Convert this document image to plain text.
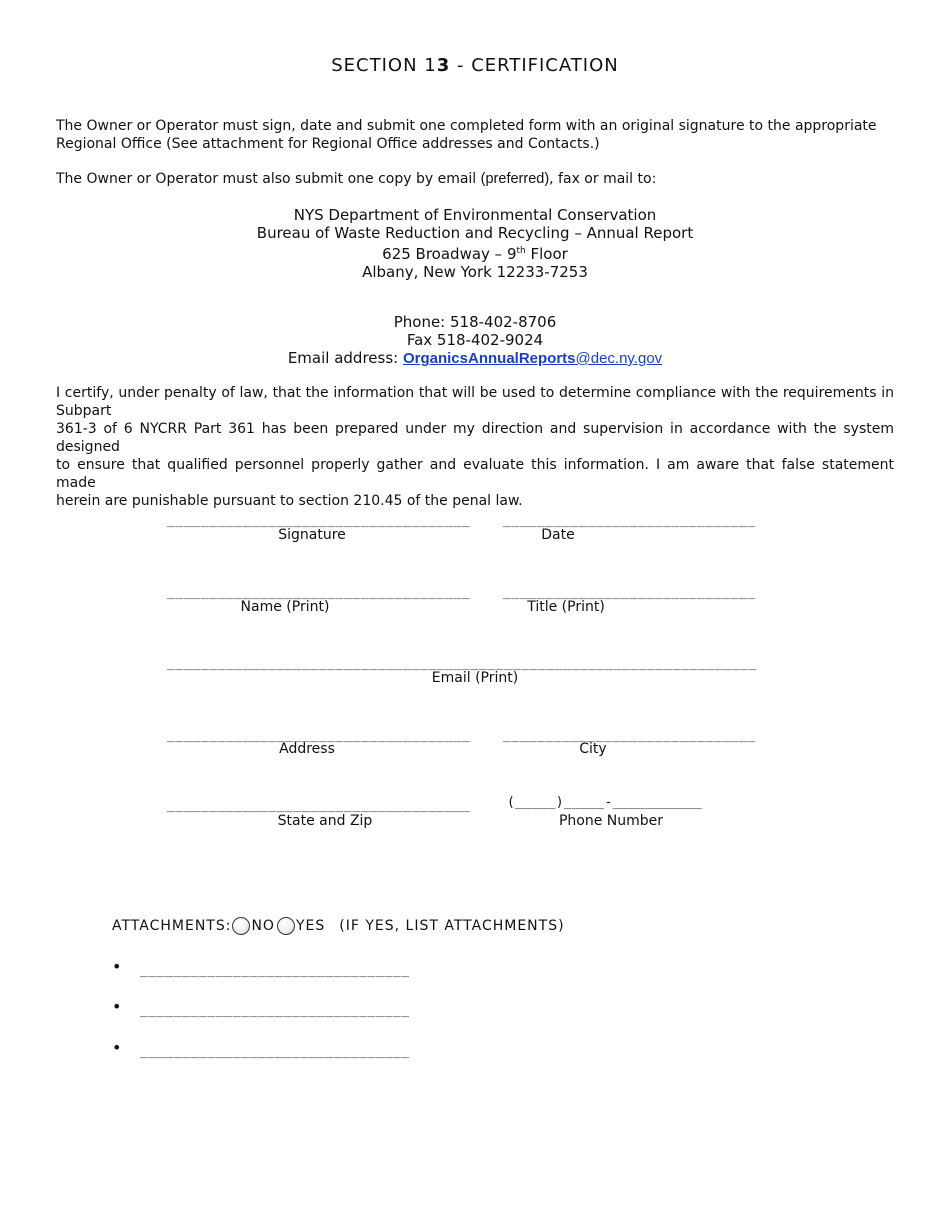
SECTION 13 - CERTIFICATION
The Owner or Operator must sign, date and submit one completed form with an original signature to the appropriate
Regional Office (See attachment for Regional Office addresses and Contacts.)
The Owner or Operator must also submit one copy by email (preferred), fax or mail to:
NYS Department of Environmental Conservation
Bureau of Waste Reduction and Recycling – Annual Report
625 Broadway – 9th Floor
Albany, New York 12233-7253
Phone: 518-402-8706
Fax 518-402-9024
Email address: OrganicsAnnualReports@dec.ny.gov
I certify, under penalty of law, that the information that will be used to determine compliance with the requirements in Subpart
361-3 of 6 NYCRR Part 361 has been prepared under my direction and supervision in accordance with the system designed
to ensure that qualified personnel properly gather and evaluate this information. I am aware that false statement made
herein are punishable pursuant to section 210.45 of the penal law.
____________________________________	______________________________
Signature	Date
____________________________________	______________________________
Name (Print)	Title (Print)
______________________________________________________________________
Email (Print)
____________________________________	______________________________
Address	City
____________________________________	(_____)_____-___________
State and Zip	Phone Number
ATTACHMENTS: NO YES (IF YES, LIST ATTACHMENTS)
• ________________________________
• ________________________________
• ________________________________
